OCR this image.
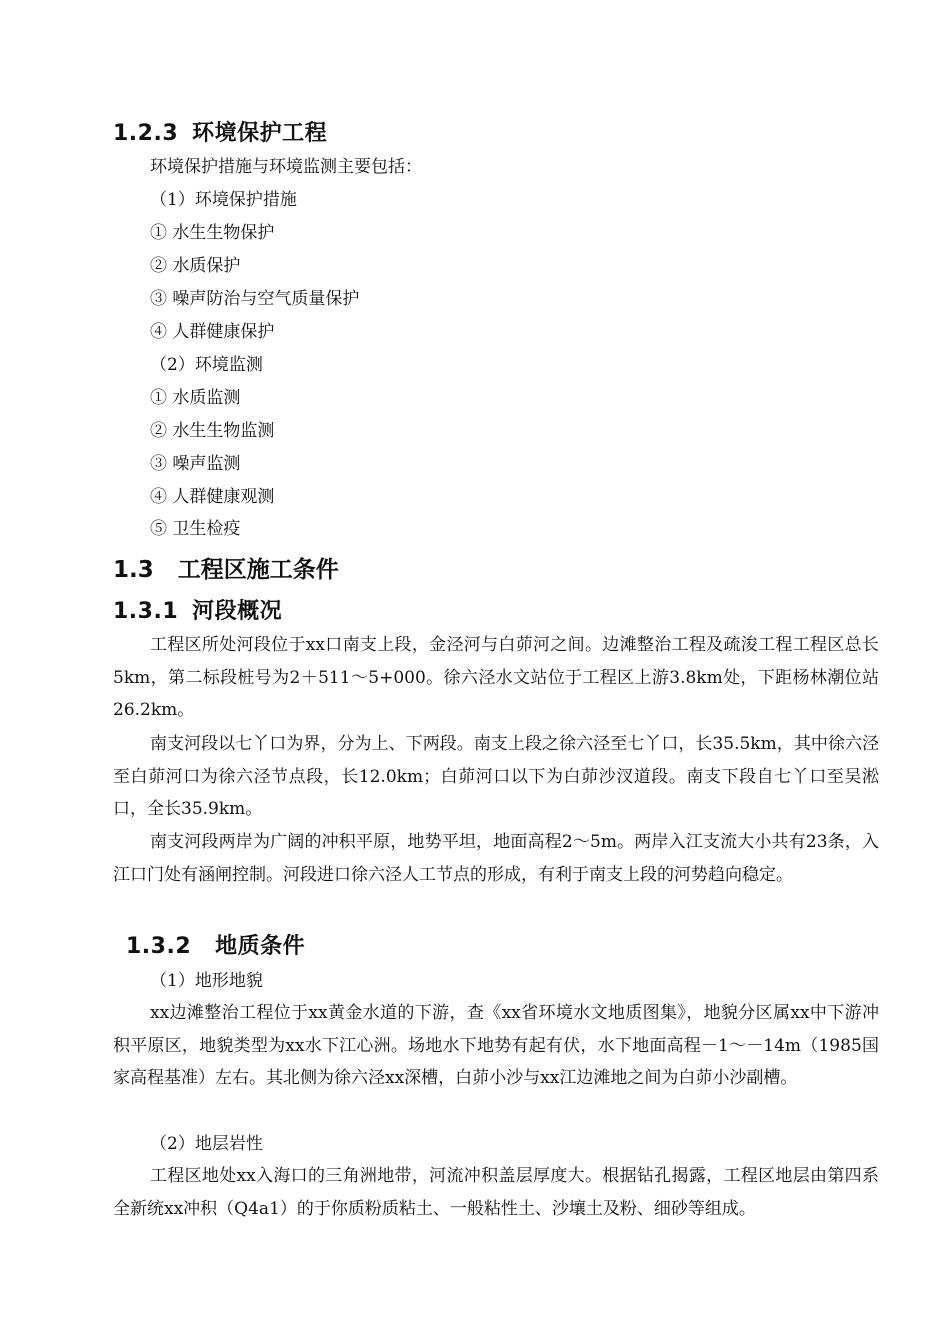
1.2.3 环境保护工程
环境保护措施与环境监测主要包括：
（1）环境保护措施
① 水生生物保护
② 水质保护
③ 噪声防治与空气质量保护
④ 人群健康保护
（2）环境监测
① 水质监测
② 水生生物监测
③ 噪声监测
④ 人群健康观测
⑤ 卫生检疫
1.3 工程区施工条件
1.3.1 河段概况

工程区所处河段位于xx口南支上段，金泾河与白茆河之间。边滩整治工程及疏浚工程工程区总长5km，第二标段桩号为2＋511～5+000。徐六泾水文站位于工程区上游3.8km处，下距杨林潮位站26.2km。

南支河段以七丫口为界，分为上、下两段。南支上段之徐六泾至七丫口，长35.5km，其中徐六泾至白茆河口为徐六泾节点段，长12.0km；白茆河口以下为白茆沙汊道段。南支下段自七丫口至吴淞口，全长35.9km。

南支河段两岸为广阔的冲积平原，地势平坦，地面高程2～5m。两岸入江支流大小共有23条，入江口门处有涵闸控制。河段进口徐六泾人工节点的形成，有利于南支上段的河势趋向稳定。

1.3.2 地质条件
（1）地形地貌

xx边滩整治工程位于xx黄金水道的下游，查《xx省环境水文地质图集》，地貌分区属xx中下游冲积平原区，地貌类型为xx水下江心洲。场地水下地势有起有伏，水下地面高程－1～－14m（1985国家高程基准）左右。其北侧为徐六泾xx深槽，白茆小沙与xx江边滩地之间为白茆小沙副槽。

（2）地层岩性

工程区地处xx入海口的三角洲地带，河流冲积盖层厚度大。根据钻孔揭露，工程区地层由第四系全新统xx冲积（Q4a1）的于你质粉质粘土、一般粘性土、沙壤土及粉、细砂等组成。
